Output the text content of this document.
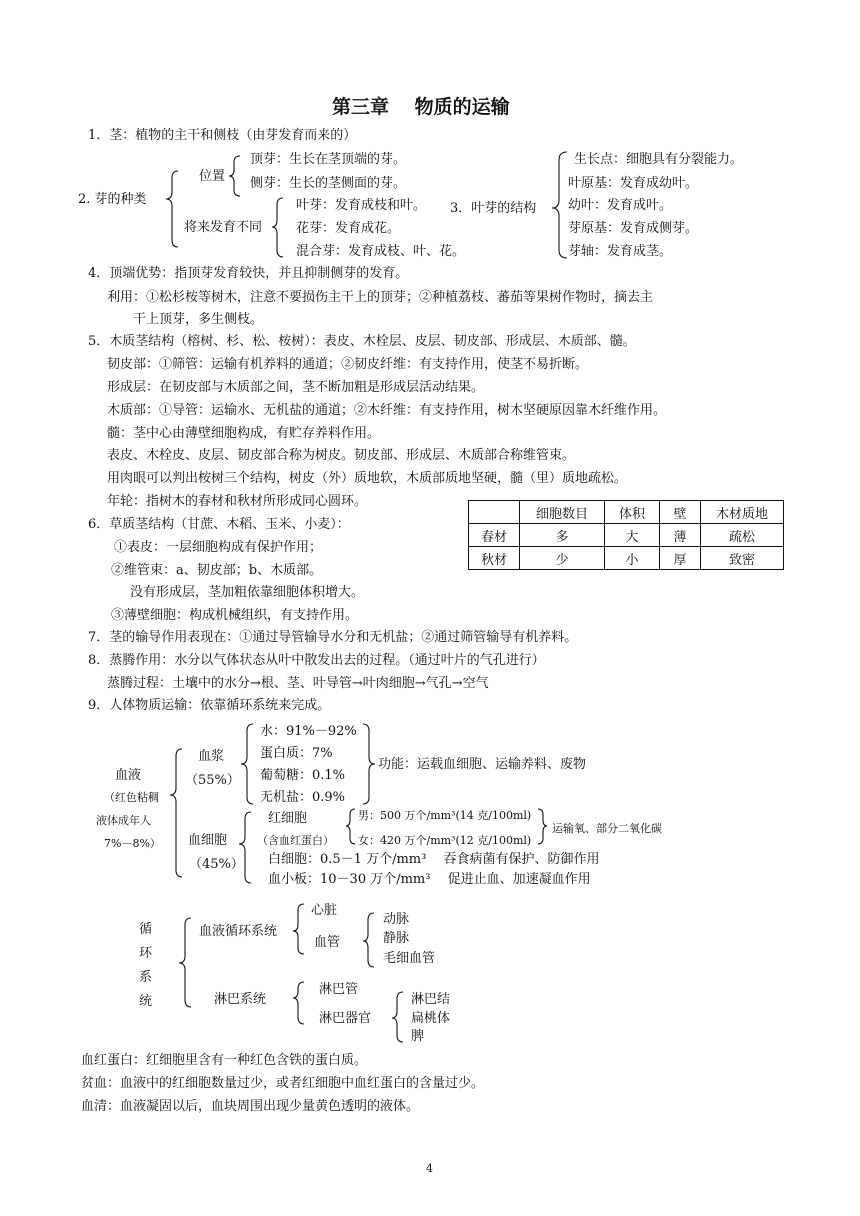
第三章　 物质的运输
1．茎：植物的主干和侧枝（由芽发育而来的）
2. 芽的种类
位置
顶芽：生长在茎顶端的芽。
侧芽：生长的茎侧面的芽。
将来发育不同
叶芽：发育成枝和叶。
花芽：发育成花。
混合芽：发育成枝、叶、花。
3．叶芽的结构
生长点：细胞具有分裂能力。
叶原基：发育成幼叶。
幼叶：发育成叶。
芽原基：发育成侧芽。
芽轴：发育成茎。
4．顶端优势：指顶芽发育较快，并且抑制侧芽的发育。
利用：①松杉桉等树木，注意不要损伤主干上的顶芽；②种植荔枝、蕃茄等果树作物时，摘去主
干上顶芽，多生侧枝。
5．木质茎结构（榕树、杉、松、桉树）：表皮、木栓层、皮层、韧皮部、形成层、木质部、髓。
韧皮部：①筛管：运输有机养料的通道；②韧皮纤维：有支持作用，使茎不易折断。
形成层：在韧皮部与木质部之间，茎不断加粗是形成层活动结果。
木质部：①导管：运输水、无机盐的通道；②木纤维：有支持作用，树木坚硬原因靠木纤维作用。
髓：茎中心由薄壁细胞构成，有贮存养料作用。
表皮、木栓皮、皮层、韧皮部合称为树皮。韧皮部、形成层、木质部合称维管束。
用肉眼可以判出桉树三个结构，树皮（外）质地软，木质部质地坚硬，髓（里）质地疏松。
年轮：指树木的春材和秋材所形成同心圆环。
	细胞数目	体积	壁	木材质地
春材	多	大	薄	疏松
秋材	少	小	厚	致密
6．草质茎结构（甘蔗、木稻、玉米、小麦）：
①表皮：一层细胞构成有保护作用；
②维管束：a、韧皮部；b、木质部。
没有形成层，茎加粗依靠细胞体积增大。
③薄壁细胞：构成机械组织，有支持作用。
7．茎的输导作用表现在：①通过导管输导水分和无机盐；②通过筛管输导有机养料。
8．蒸腾作用：水分以气体状态从叶中散发出去的过程。（通过叶片的气孔进行）
蒸腾过程：土壤中的水分→根、茎、叶导管→叶肉细胞→气孔→空气
9．人体物质运输：依靠循环系统来完成。
血液
（红色粘稠
液体成年人
7%－8%）
血浆
（55%）
水：91%－92%
蛋白质：7%
葡萄糖：0.1%
无机盐：0.9%
功能：运载血细胞、运输养料、废物
血细胞
（45%）
红细胞
（含血红蛋白）
男：500 万个/mm³(14 克/100ml)
女：420 万个/mm³(12 克/100ml)
运输氧、部分二氧化碳
白细胞：0.5－1 万个/mm³　 吞食病菌有保护、防御作用
血小板：10－30 万个/mm³　 促进止血、加速凝血作用
循
环
系
统
血液循环系统
心脏
血管
动脉
静脉
毛细血管
淋巴系统
淋巴管
淋巴器官
淋巴结
扁桃体
脾
血红蛋白：红细胞里含有一种红色含铁的蛋白质。
贫血：血液中的红细胞数量过少，或者红细胞中血红蛋白的含量过少。
血清：血液凝固以后，血块周围出现少量黄色透明的液体。
4
